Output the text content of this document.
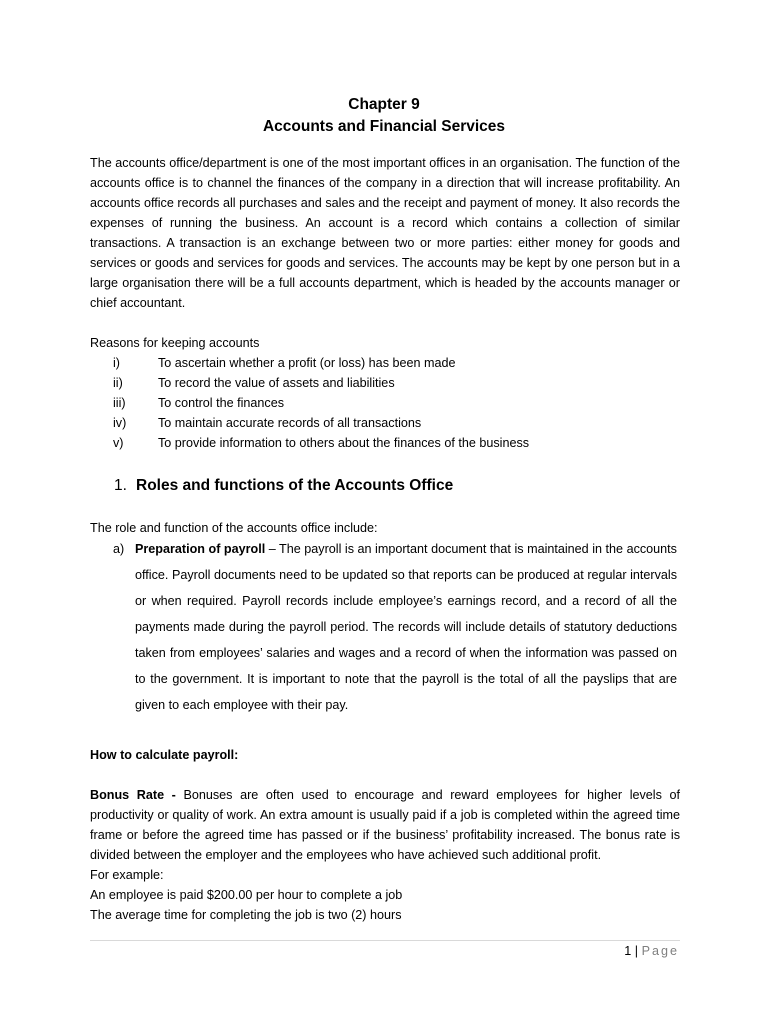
Chapter 9
Accounts and Financial Services
The accounts office/department is one of the most important offices in an organisation. The function of the accounts office is to channel the finances of the company in a direction that will increase profitability. An accounts office records all purchases and sales and the receipt and payment of money. It also records the expenses of running the business. An account is a record which contains a collection of similar transactions. A transaction is an exchange between two or more parties: either money for goods and services or goods and services for goods and services. The accounts may be kept by one person but in a large organisation there will be a full accounts department, which is headed by the accounts manager or chief accountant.
Reasons for keeping accounts
i)	To ascertain whether a profit (or loss) has been made
ii)	To record the value of assets and liabilities
iii)	To control the finances
iv)	To maintain accurate records of all transactions
v)	To provide information to others about the finances of the business
1. Roles and functions of the Accounts Office
The role and function of the accounts office include:
a) Preparation of payroll – The payroll is an important document that is maintained in the accounts office. Payroll documents need to be updated so that reports can be produced at regular intervals or when required. Payroll records include employee’s earnings record, and a record of all the payments made during the payroll period. The records will include details of statutory deductions taken from employees’ salaries and wages and a record of when the information was passed on to the government. It is important to note that the payroll is the total of all the payslips that are given to each employee with their pay.
How to calculate payroll:
Bonus Rate - Bonuses are often used to encourage and reward employees for higher levels of productivity or quality of work. An extra amount is usually paid if a job is completed within the agreed time frame or before the agreed time has passed or if the business’ profitability increased. The bonus rate is divided between the employer and the employees who have achieved such additional profit.
For example:
An employee is paid $200.00 per hour to complete a job
The average time for completing the job is two (2) hours
1 | Page
